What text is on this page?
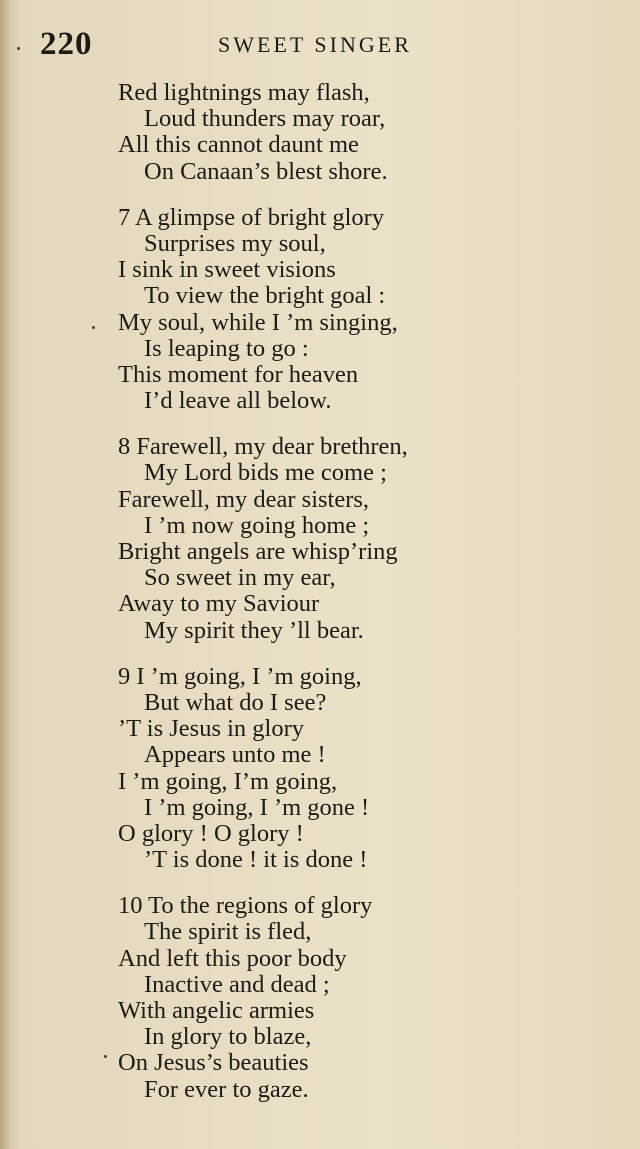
220	SWEET SINGER
Red lightnings may flash,
Loud thunders may roar,
All this cannot daunt me
On Canaan’s blest shore.
7 A glimpse of bright glory
Surprises my soul,
I sink in sweet visions
To view the bright goal :
My soul, while I ’m singing,
Is leaping to go :
This moment for heaven
I’d leave all below.
8 Farewell, my dear brethren,
My Lord bids me come ;
Farewell, my dear sisters,
I ’m now going home ;
Bright angels are whisp’ring
So sweet in my ear,
Away to my Saviour
My spirit they ’ll bear.
9 I ’m going, I ’m going,
But what do I see?
’T is Jesus in glory
Appears unto me !
I ’m going, I’m going,
I ’m going, I ’m gone !
O glory ! O glory !
’T is done ! it is done !
10 To the regions of glory
The spirit is fled,
And left this poor body
Inactive and dead ;
With angelic armies
In glory to blaze,
On Jesus’s beauties
For ever to gaze.
